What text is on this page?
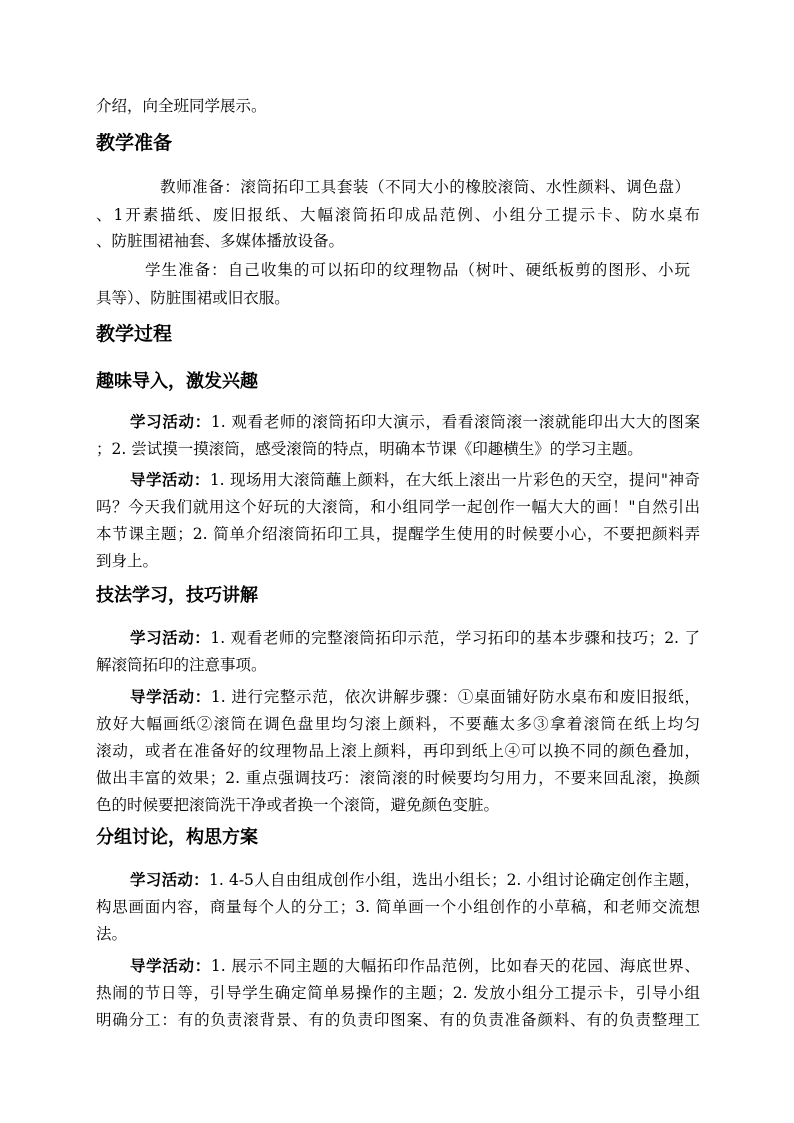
介绍，向全班同学展示。
教学准备
教师准备：滚筒拓印工具套装（不同大小的橡胶滚筒、水性颜料、调色盘）
、1开素描纸、废旧报纸、大幅滚筒拓印成品范例、小组分工提示卡、防水桌布
、防脏围裙袖套、多媒体播放设备。
学生准备：自己收集的可以拓印的纹理物品（树叶、硬纸板剪的图形、小玩
具等）、防脏围裙或旧衣服。
教学过程
趣味导入，激发兴趣
学习活动：1. 观看老师的滚筒拓印大演示，看看滚筒滚一滚就能印出大大的图案
；2. 尝试摸一摸滚筒，感受滚筒的特点，明确本节课《印趣横生》的学习主题。
导学活动：1. 现场用大滚筒蘸上颜料，在大纸上滚出一片彩色的天空，提问"神奇
吗？今天我们就用这个好玩的大滚筒，和小组同学一起创作一幅大大的画！"自然引出
本节课主题；2. 简单介绍滚筒拓印工具，提醒学生使用的时候要小心，不要把颜料弄
到身上。
技法学习，技巧讲解
学习活动：1. 观看老师的完整滚筒拓印示范，学习拓印的基本步骤和技巧；2. 了
解滚筒拓印的注意事项。
导学活动：1. 进行完整示范，依次讲解步骤：①桌面铺好防水桌布和废旧报纸，
放好大幅画纸②滚筒在调色盘里均匀滚上颜料，不要蘸太多③拿着滚筒在纸上均匀
滚动，或者在准备好的纹理物品上滚上颜料，再印到纸上④可以换不同的颜色叠加，
做出丰富的效果；2. 重点强调技巧：滚筒滚的时候要均匀用力，不要来回乱滚，换颜
色的时候要把滚筒洗干净或者换一个滚筒，避免颜色变脏。
分组讨论，构思方案
学习活动：1. 4-5人自由组成创作小组，选出小组长；2. 小组讨论确定创作主题，
构思画面内容，商量每个人的分工；3. 简单画一个小组创作的小草稿，和老师交流想
法。
导学活动：1. 展示不同主题的大幅拓印作品范例，比如春天的花园、海底世界、
热闹的节日等，引导学生确定简单易操作的主题；2. 发放小组分工提示卡，引导小组
明确分工：有的负责滚背景、有的负责印图案、有的负责准备颜料、有的负责整理工
